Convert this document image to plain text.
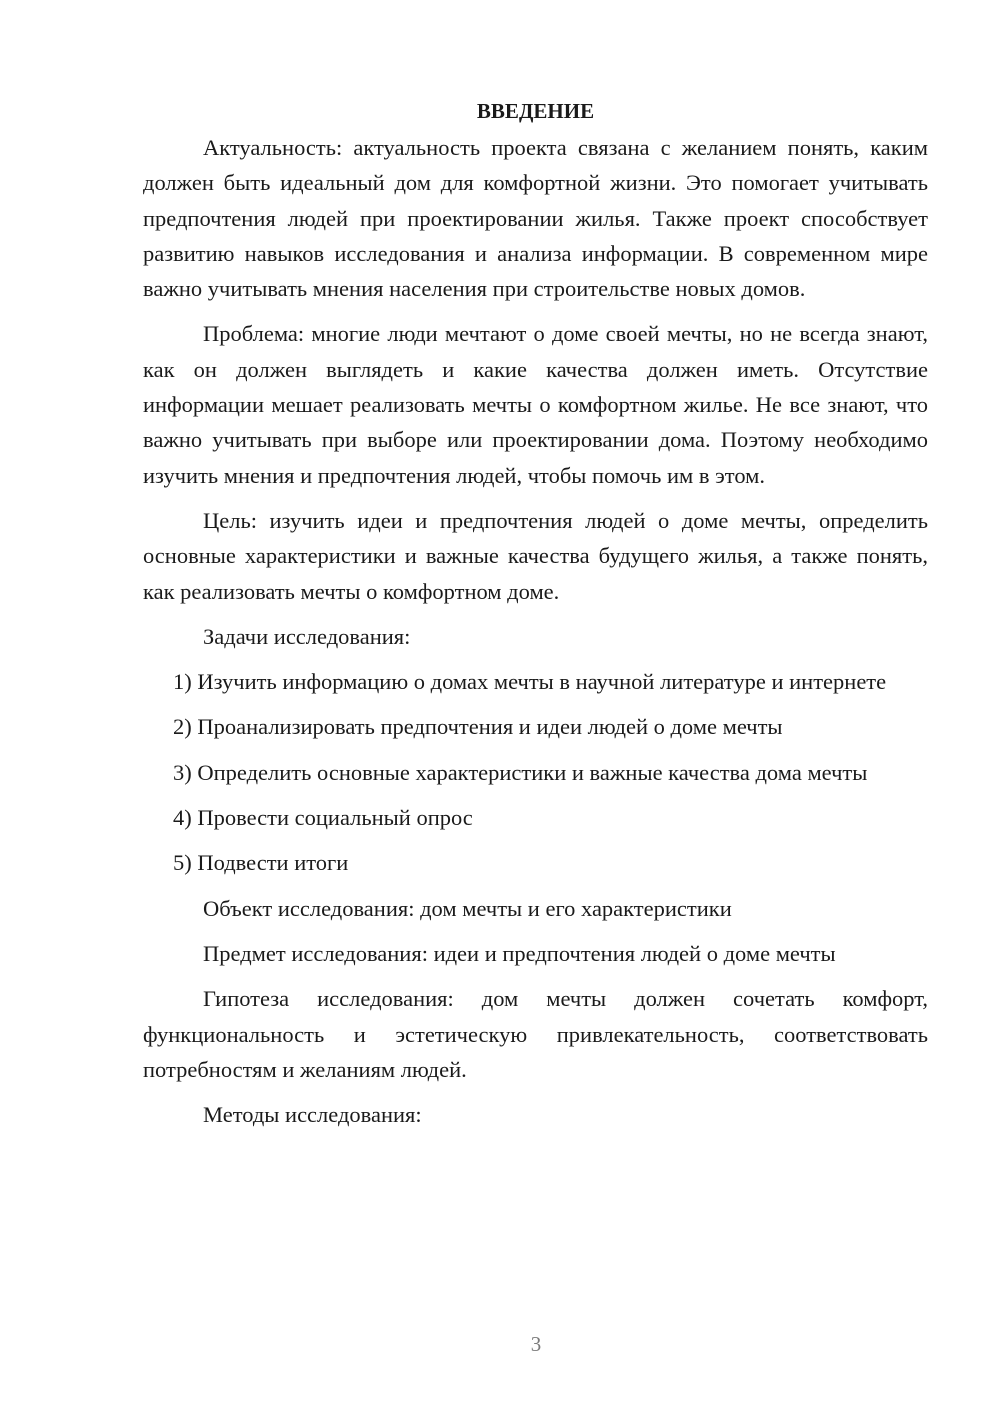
ВВЕДЕНИЕ

Актуальность: актуальность проекта связана с желанием понять, каким должен быть идеальный дом для комфортной жизни. Это помогает учитывать предпочтения людей при проектировании жилья. Также проект способствует развитию навыков исследования и анализа информации. В современном мире важно учитывать мнения населения при строительстве новых домов.

Проблема: многие люди мечтают о доме своей мечты, но не всегда знают, как он должен выглядеть и какие качества должен иметь. Отсутствие информации мешает реализовать мечты о комфортном жилье. Не все знают, что важно учитывать при выборе или проектировании дома. Поэтому необходимо изучить мнения и предпочтения людей, чтобы помочь им в этом.

Цель: изучить идеи и предпочтения людей о доме мечты, определить основные характеристики и важные качества будущего жилья, а также понять, как реализовать мечты о комфортном доме.

Задачи исследования:

1) Изучить информацию о домах мечты в научной литературе и интернете

2) Проанализировать предпочтения и идеи людей о доме мечты

3) Определить основные характеристики и важные качества дома мечты

4) Провести социальный опрос

5) Подвести итоги

Объект исследования: дом мечты и его характеристики

Предмет исследования: идеи и предпочтения людей о доме мечты

Гипотеза исследования: дом мечты должен сочетать комфорт, функциональность и эстетическую привлекательность, соответствовать потребностям и желаниям людей.

Методы исследования:

3
